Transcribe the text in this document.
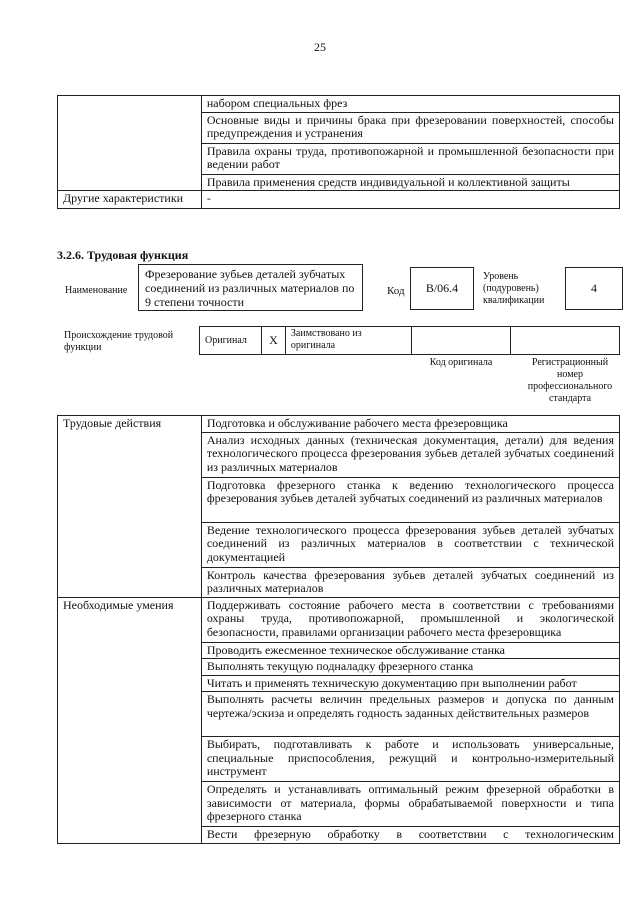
25
	набором специальных фрез
	Основные виды и причины брака при фрезеровании поверхностей, способы предупреждения и устранения
	Правила охраны труда, противопожарной и промышленной безопасности при ведении работ
	Правила применения средств индивидуальной и коллективной защиты
Другие характеристики	-
3.2.6. Трудовая функция
Наименование
Фрезерование зубьев деталей зубчатых соединений из различных материалов по 9 степени точности
Код B/06.4
Уровень (подуровень) квалификации
4
Происхождение трудовой функции
Оригинал	X	Заимствовано из оригинала		
Код оригинала	Регистрационный номер профессионального стандарта
Трудовые действия	Подготовка и обслуживание рабочего места фрезеровщика
	Анализ исходных данных (техническая документация, детали) для ведения технологического процесса фрезерования зубьев деталей зубчатых соединений из различных материалов
	Подготовка фрезерного станка к ведению технологического процесса фрезерования зубьев деталей зубчатых соединений из различных материалов
	Ведение технологического процесса фрезерования зубьев деталей зубчатых соединений из различных материалов в соответствии с технической документацией
	Контроль качества фрезерования зубьев деталей зубчатых соединений из различных материалов
Необходимые умения	Поддерживать состояние рабочего места в соответствии с требованиями охраны труда, противопожарной, промышленной и экологической безопасности, правилами организации рабочего места фрезеровщика
	Проводить ежесменное техническое обслуживание станка
	Выполнять текущую подналадку фрезерного станка
	Читать и применять техническую документацию при выполнении работ
	Выполнять расчеты величин предельных размеров и допуска по данным чертежа/эскиза и определять годность заданных действительных размеров
	Выбирать, подготавливать к работе и использовать универсальные, специальные приспособления, режущий и контрольно-измерительный инструмент
	Определять и устанавливать оптимальный режим фрезерной обработки в зависимости от материала, формы обрабатываемой поверхности и типа фрезерного станка
	Вести фрезерную обработку в соответствии с технологическим
